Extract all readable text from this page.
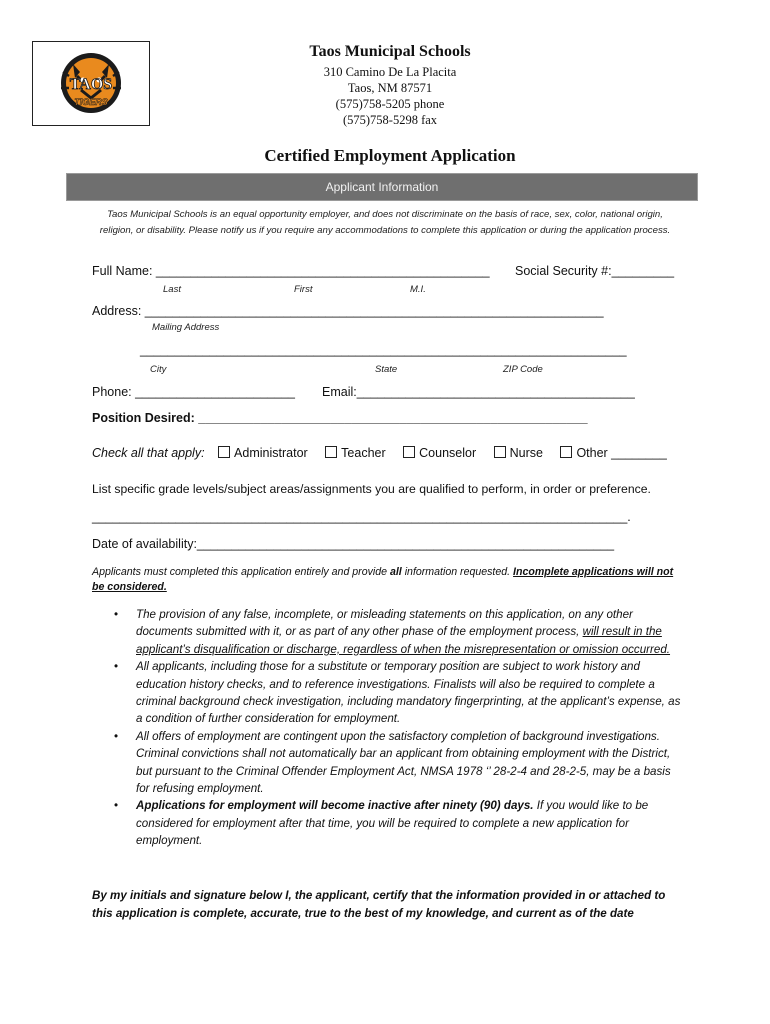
TAOS
TIGERS
Taos Municipal Schools
310 Camino De La Placita
Taos, NM 87571
(575)758-5205 phone
(575)758-5298 fax
Certified Employment Application
Applicant Information
Taos Municipal Schools is an equal opportunity employer, and does not discriminate on the basis of race, sex, color, national origin, religion, or disability. Please notify us if you require any accommodations to complete this application or during the application process.
Full Name: ________________________________________________ Social Security #:_________
Last	First	M.I.
Address: __________________________________________________________________
Mailing Address
______________________________________________________________________
City	State	ZIP Code
Phone: _______________________ Email:________________________________________
Position Desired: ________________________________________________________
Check all that apply: Administrator	Teacher	Counselor	Nurse	Other ________
List specific grade levels/subject areas/assignments you are qualified to perform, in order or preference.
_____________________________________________________________________________.
Date of availability:____________________________________________________________
Applicants must completed this application entirely and provide all information requested. Incomplete applications will not be considered.
• The provision of any false, incomplete, or misleading statements on this application, on any other documents submitted with it, or as part of any other phase of the employment process, will result in the applicant’s disqualification or discharge, regardless of when the misrepresentation or omission occurred.
• All applicants, including those for a substitute or temporary position are subject to work history and education history checks, and to reference investigations. Finalists will also be required to complete a criminal background check investigation, including mandatory fingerprinting, at the applicant’s expense, as a condition of further consideration for employment.
• All offers of employment are contingent upon the satisfactory completion of background investigations. Criminal convictions shall not automatically bar an applicant from obtaining employment with the District, but pursuant to the Criminal Offender Employment Act, NMSA 1978 ‘’ 28-2-4 and 28-2-5, may be a basis for refusing employment.
• Applications for employment will become inactive after ninety (90) days. If you would like to be considered for employment after that time, you will be required to complete a new application for employment.
By my initials and signature below I, the applicant, certify that the information provided in or attached to this application is complete, accurate, true to the best of my knowledge, and current as of the date
